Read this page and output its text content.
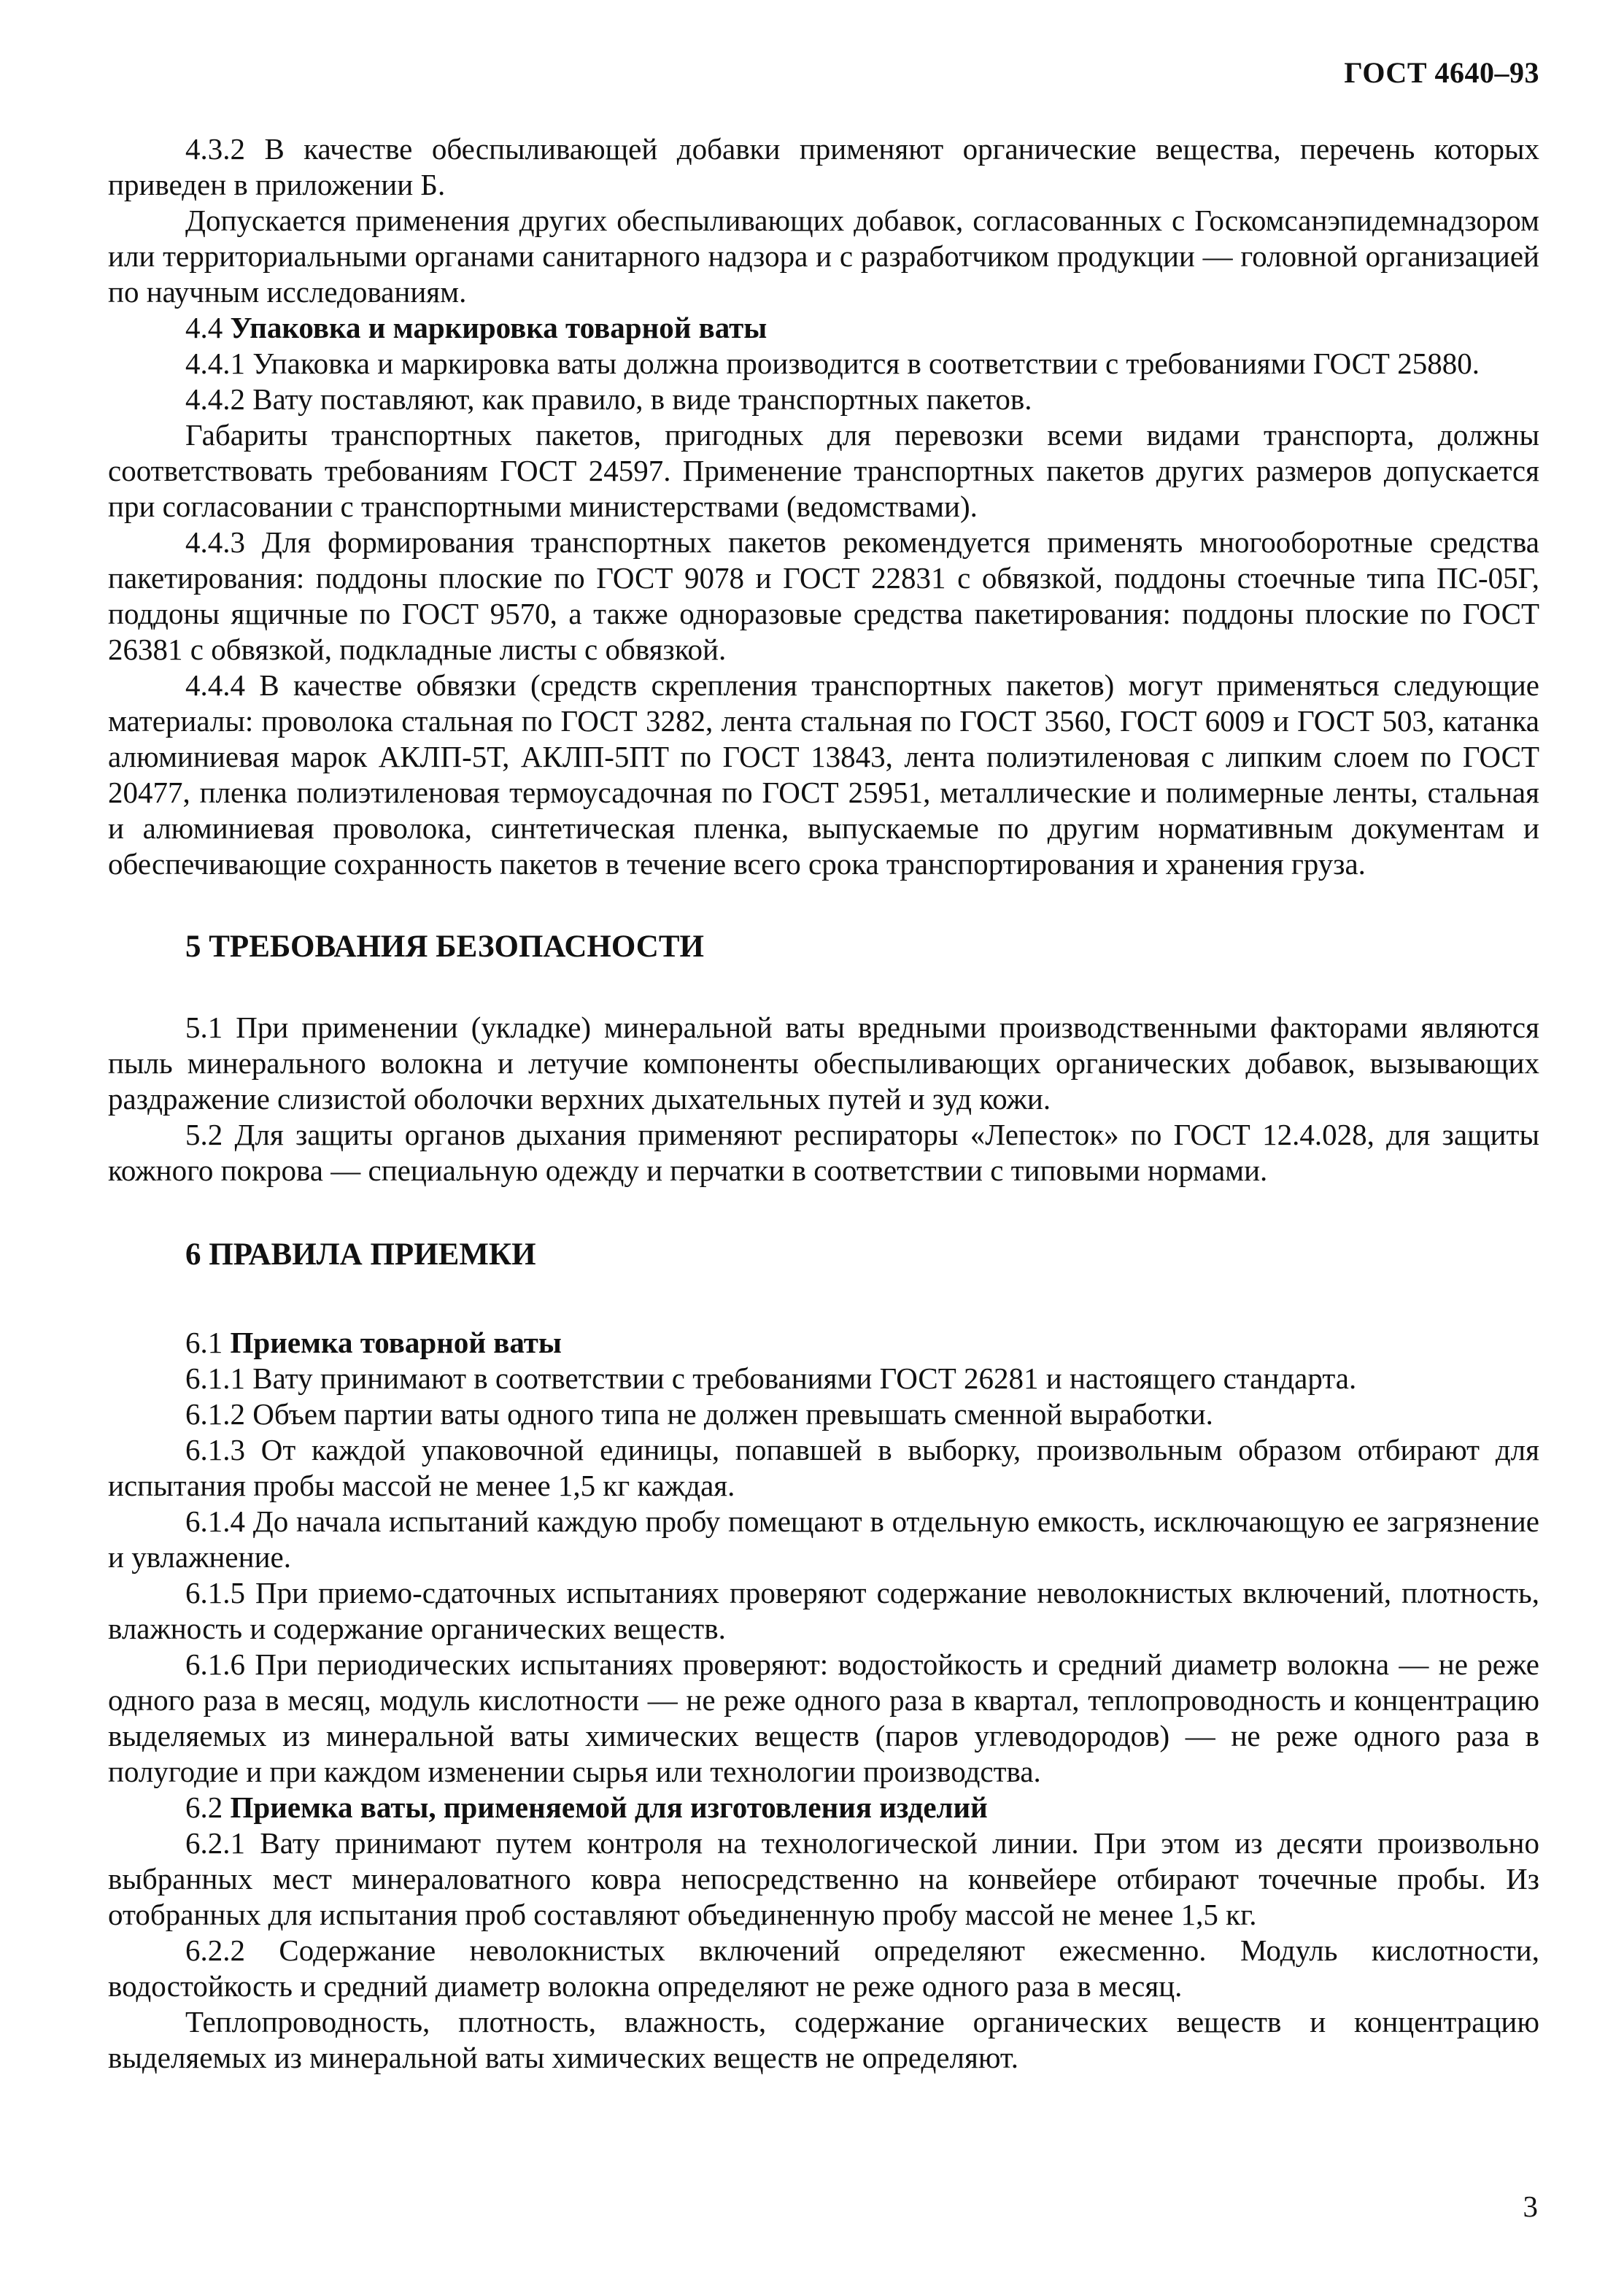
ГОСТ 4640–93

4.3.2 В качестве обеспыливающей добавки применяют органические вещества, перечень которых приведен в приложении Б.

Допускается применения других обеспыливающих добавок, согласованных с Госкомсанэпидемнадзором или территориальными органами санитарного надзора и с разработчиком продукции — головной организацией по научным исследованиям.

4.4 Упаковка и маркировка товарной ваты

4.4.1 Упаковка и маркировка ваты должна производится в соответствии с требованиями ГОСТ 25880.

4.4.2 Вату поставляют, как правило, в виде транспортных пакетов.

Габариты транспортных пакетов, пригодных для перевозки всеми видами транспорта, должны соответствовать требованиям ГОСТ 24597. Применение транспортных пакетов других размеров допускается при согласовании с транспортными министерствами (ведомствами).

4.4.3 Для формирования транспортных пакетов рекомендуется применять многооборотные средства пакетирования: поддоны плоские по ГОСТ 9078 и ГОСТ 22831 с обвязкой, поддоны стоечные типа ПС-05Г, поддоны ящичные по ГОСТ 9570, а также одноразовые средства пакетирования: поддоны плоские по ГОСТ 26381 с обвязкой, подкладные листы с обвязкой.

4.4.4 В качестве обвязки (средств скрепления транспортных пакетов) могут применяться следующие материалы: проволока стальная по ГОСТ 3282, лента стальная по ГОСТ 3560, ГОСТ 6009 и ГОСТ 503, катанка алюминиевая марок АКЛП-5Т, АКЛП-5ПТ по ГОСТ 13843, лента полиэтиленовая с липким слоем по ГОСТ 20477, пленка полиэтиленовая термоусадочная по ГОСТ 25951, металлические и полимерные ленты, стальная и алюминиевая проволока, синтетическая пленка, выпускаемые по другим нормативным документам и обеспечивающие сохранность пакетов в течение всего срока транспортирования и хранения груза.

5 ТРЕБОВАНИЯ БЕЗОПАСНОСТИ

5.1 При применении (укладке) минеральной ваты вредными производственными факторами являются пыль минерального волокна и летучие компоненты обеспыливающих органических добавок, вызывающих раздражение слизистой оболочки верхних дыхательных путей и зуд кожи.

5.2 Для защиты органов дыхания применяют респираторы «Лепесток» по ГОСТ 12.4.028, для защиты кожного покрова — специальную одежду и перчатки в соответствии с типовыми нормами.

6 ПРАВИЛА ПРИЕМКИ

6.1 Приемка товарной ваты

6.1.1 Вату принимают в соответствии с требованиями ГОСТ 26281 и настоящего стандарта.

6.1.2 Объем партии ваты одного типа не должен превышать сменной выработки.

6.1.3 От каждой упаковочной единицы, попавшей в выборку, произвольным образом отбирают для испытания пробы массой не менее 1,5 кг каждая.

6.1.4 До начала испытаний каждую пробу помещают в отдельную емкость, исключающую ее загрязнение и увлажнение.

6.1.5 При приемо-сдаточных испытаниях проверяют содержание неволокнистых включений, плотность, влажность и содержание органических веществ.

6.1.6 При периодических испытаниях проверяют: водостойкость и средний диаметр волокна — не реже одного раза в месяц, модуль кислотности — не реже одного раза в квартал, теплопроводность и концентрацию выделяемых из минеральной ваты химических веществ (паров углеводородов) — не реже одного раза в полугодие и при каждом изменении сырья или технологии производства.

6.2 Приемка ваты, применяемой для изготовления изделий

6.2.1 Вату принимают путем контроля на технологической линии. При этом из десяти произвольно выбранных мест минераловатного ковра непосредственно на конвейере отбирают точечные пробы. Из отобранных для испытания проб составляют объединенную пробу массой не менее 1,5 кг.

6.2.2 Содержание неволокнистых включений определяют ежесменно. Модуль кислотности, водостойкость и средний диаметр волокна определяют не реже одного раза в месяц.

Теплопроводность, плотность, влажность, содержание органических веществ и концентрацию выделяемых из минеральной ваты химических веществ не определяют.

3
